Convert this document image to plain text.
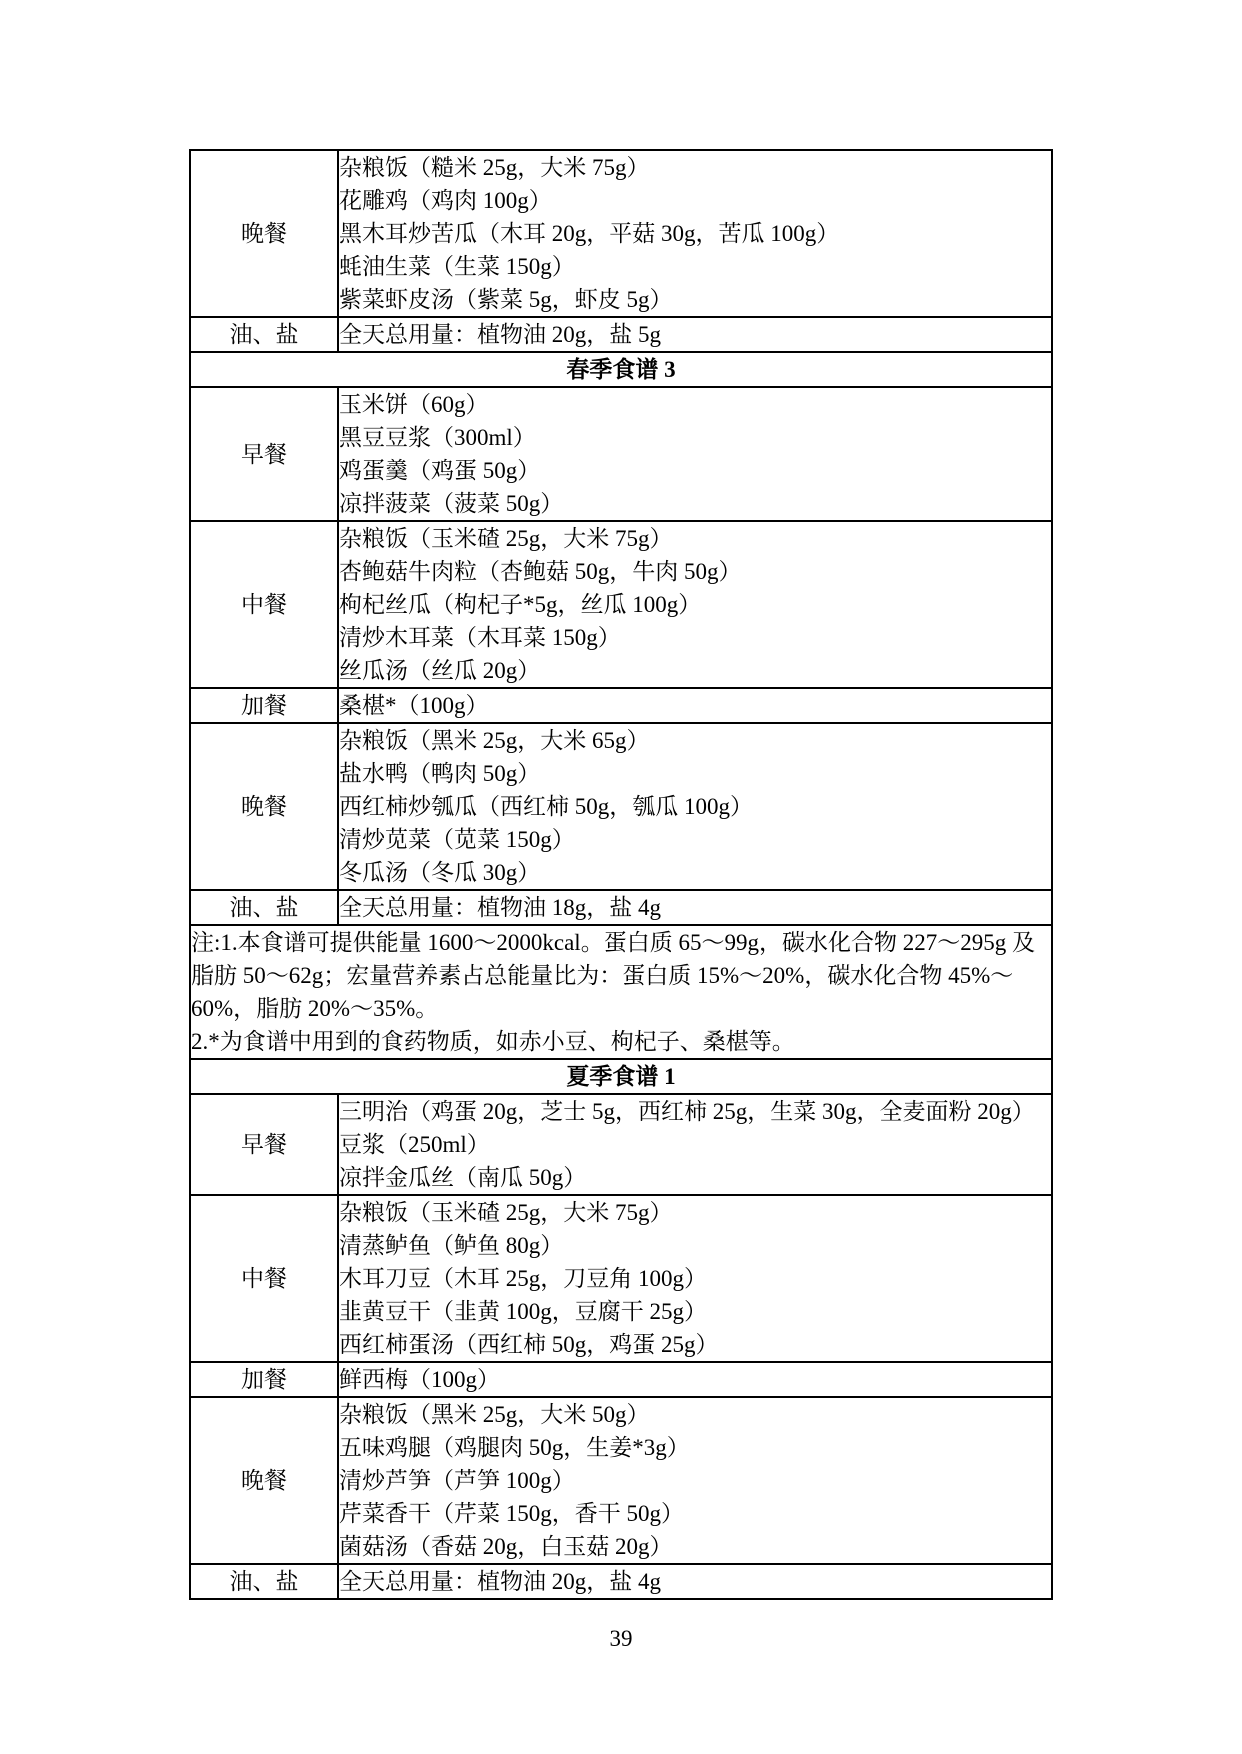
晚餐	杂粮饭（糙米 25g，大米 75g）
花雕鸡（鸡肉 100g）
黑木耳炒苦瓜（木耳 20g，平菇 30g，苦瓜 100g）
蚝油生菜（生菜 150g）
紫菜虾皮汤（紫菜 5g，虾皮 5g）

油、盐	全天总用量：植物油 20g，盐 5g

春季食谱 3	
早餐	玉米饼（60g）
黑豆豆浆（300ml）
鸡蛋羹（鸡蛋 50g）
凉拌菠菜（菠菜 50g）

中餐	杂粮饭（玉米碴 25g，大米 75g）
杏鲍菇牛肉粒（杏鲍菇 50g，牛肉 50g）
枸杞丝瓜（枸杞子*5g，丝瓜 100g）
清炒木耳菜（木耳菜 150g）
丝瓜汤（丝瓜 20g）

加餐	桑椹*（100g）

晚餐	杂粮饭（黑米 25g，大米 65g）
盐水鸭（鸭肉 50g）
西红柿炒瓠瓜（西红柿 50g，瓠瓜 100g）
清炒苋菜（苋菜 150g）
冬瓜汤（冬瓜 30g）

油、盐	全天总用量：植物油 18g，盐 4g

注:1.本食谱可提供能量 1600～2000kcal。蛋白质 65～99g，碳水化合物 227～295g 及脂肪 50～62g；宏量营养素占总能量比为：蛋白质 15%～20%，碳水化合物 45%～60%，脂肪 20%～35%。
2.*为食谱中用到的食药物质，如赤小豆、枸杞子、桑椹等。	

夏季食谱 1	
早餐	三明治（鸡蛋 20g，芝士 5g，西红柿 25g，生菜 30g，全麦面粉 20g）
豆浆（250ml）
凉拌金瓜丝（南瓜 50g）

中餐	杂粮饭（玉米碴 25g，大米 75g）
清蒸鲈鱼（鲈鱼 80g）
木耳刀豆（木耳 25g，刀豆角 100g）
韭黄豆干（韭黄 100g，豆腐干 25g）
西红柿蛋汤（西红柿 50g，鸡蛋 25g）

加餐	鲜西梅（100g）

晚餐	杂粮饭（黑米 25g，大米 50g）
五味鸡腿（鸡腿肉 50g，生姜*3g）
清炒芦笋（芦笋 100g）
芹菜香干（芹菜 150g，香干 50g）
菌菇汤（香菇 20g，白玉菇 20g）

油、盐	全天总用量：植物油 20g，盐 4g
39
